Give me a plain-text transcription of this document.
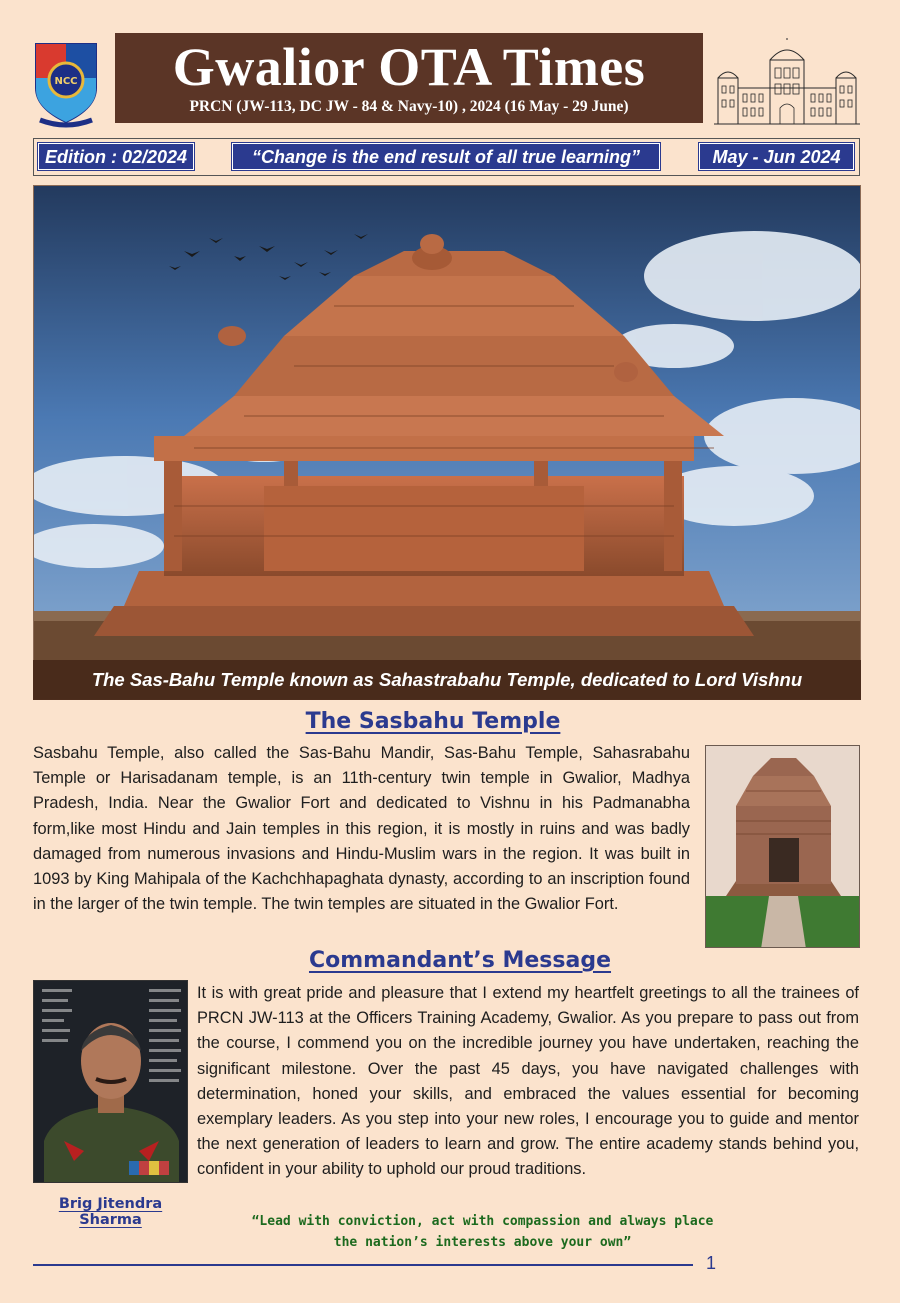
NCC	Gwalior OTA Times
PRCN (JW-113, DC JW - 84 & Navy-10) , 2024 (16 May - 29 June)
Edition : 02/2024	“Change is the end result of all true learning”	May - Jun 2024
The Sas-Bahu Temple known as Sahastrabahu Temple, dedicated to Lord Vishnu
The Sasbahu Temple

Sasbahu Temple, also called the Sas-Bahu Mandir, Sas-Bahu Temple, Sahasrabahu Temple or Harisadanam temple, is an 11th-century twin temple in Gwalior, Madhya Pradesh, India. Near the Gwalior Fort and dedicated to Vishnu in his Padmanabha form,like most Hindu and Jain temples in this region, it is mostly in ruins and was badly damaged from numerous invasions and Hindu-Muslim wars in the region. It was built in 1093 by King Mahipala of the Kachchhapaghata dynasty, according to an inscription found in the larger of the twin temple. The twin temples are situated in the Gwalior Fort.

Commandant’s Message
Brig Jitendra Sharma

It is with great pride and pleasure that I extend my heartfelt greetings to all the trainees of PRCN JW-113 at the Officers Training Academy, Gwalior. As you prepare to pass out from the course, I commend you on the incredible journey you have undertaken, reaching the significant milestone. Over the past 45 days, you have navigated challenges with determination, honed your skills, and embraced the values essential for becoming exemplary leaders. As you step into your new roles, I encourage you to guide and mentor the next generation of leaders to learn and grow. The entire academy stands behind you, confident in your ability to uphold our proud traditions.

“Lead with conviction, act with compassion and always place
the nation’s interests above your own”
1
